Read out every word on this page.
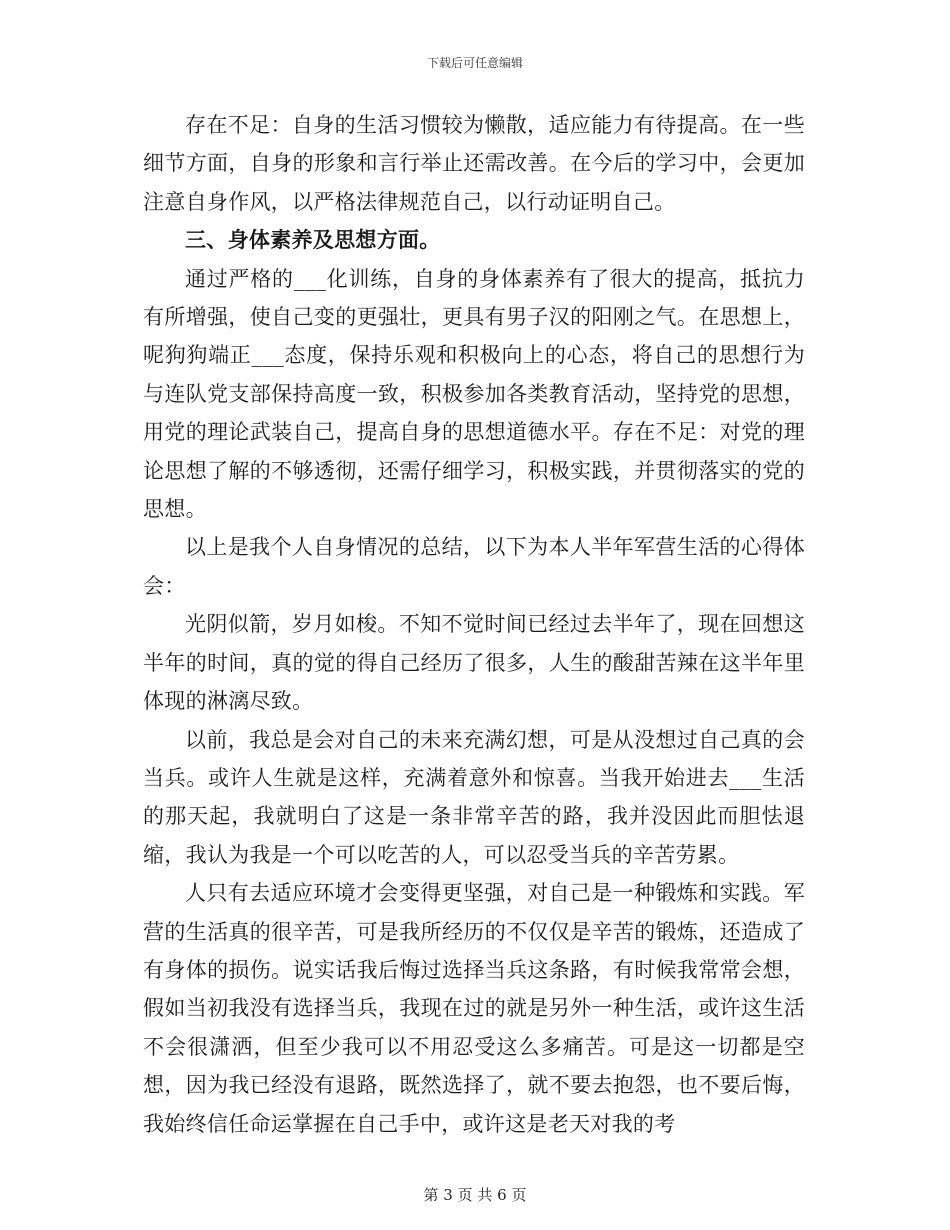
下载后可任意编辑

存在不足：自身的生活习惯较为懒散，适应能力有待提高。在一些细节方面，自身的形象和言行举止还需改善。在今后的学习中，会更加注意自身作风，以严格法律规范自己，以行动证明自己。

三、身体素养及思想方面。

通过严格的___化训练，自身的身体素养有了很大的提高，抵抗力有所增强，使自己变的更强壮，更具有男子汉的阳刚之气。在思想上，呢狗狗端正___态度，保持乐观和积极向上的心态，将自己的思想行为与连队党支部保持高度一致，积极参加各类教育活动，坚持党的思想，用党的理论武装自己，提高自身的思想道德水平。存在不足：对党的理论思想了解的不够透彻，还需仔细学习，积极实践，并贯彻落实的党的思想。

以上是我个人自身情况的总结，以下为本人半年军营生活的心得体会：

光阴似箭，岁月如梭。不知不觉时间已经过去半年了，现在回想这半年的时间，真的觉的得自己经历了很多，人生的酸甜苦辣在这半年里体现的淋漓尽致。

以前，我总是会对自己的未来充满幻想，可是从没想过自己真的会当兵。或许人生就是这样，充满着意外和惊喜。当我开始进去___生活的那天起，我就明白了这是一条非常辛苦的路，我并没因此而胆怯退缩，我认为我是一个可以吃苦的人，可以忍受当兵的辛苦劳累。

人只有去适应环境才会变得更坚强，对自己是一种锻炼和实践。军营的生活真的很辛苦，可是我所经历的不仅仅是辛苦的锻炼，还造成了有身体的损伤。说实话我后悔过选择当兵这条路，有时候我常常会想，假如当初我没有选择当兵，我现在过的就是另外一种生活，或许这生活不会很潇洒，但至少我可以不用忍受这么多痛苦。可是这一切都是空想，因为我已经没有退路，既然选择了，就不要去抱怨，也不要后悔，我始终信任命运掌握在自己手中，或许这是老天对我的考

第 3 页 共 6 页
